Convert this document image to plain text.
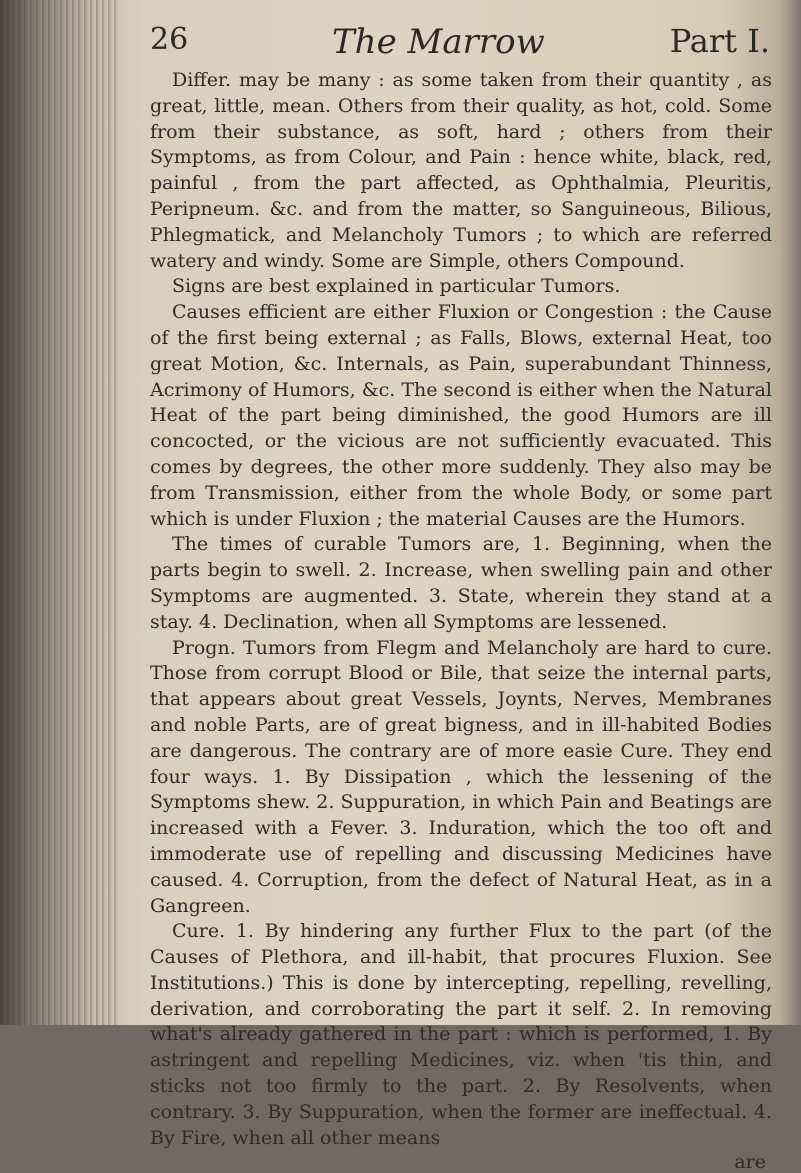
26	The Marrow	Part I.

Differ. may be many : as some taken from their quantity , as great, little, mean. Others from their quality, as hot, cold. Some from their substance, as soft, hard ; others from their Symptoms, as from Colour, and Pain : hence white, black, red, painful , from the part affected, as Ophthalmia, Pleuritis, Peripneum. &c. and from the matter, so Sanguineous, Bilious, Phlegmatick, and Melancholy Tumors ; to which are referred watery and windy. Some are Simple, others Compound.

Signs are best explained in particular Tumors.

Causes efficient are either Fluxion or Congestion : the Cause of the first being external ; as Falls, Blows, external Heat, too great Motion, &c. Internals, as Pain, superabundant Thinness, Acrimony of Humors, &c. The second is either when the Natural Heat of the part being diminished, the good Humors are ill concocted, or the vicious are not sufficiently evacuated. This comes by degrees, the other more suddenly. They also may be from Transmission, either from the whole Body, or some part which is under Fluxion ; the material Causes are the Humors.

The times of curable Tumors are, 1. Beginning, when the parts begin to swell. 2. Increase, when swelling pain and other Symptoms are augmented. 3. State, wherein they stand at a stay. 4. Declination, when all Symptoms are lessened.

Progn. Tumors from Flegm and Melancholy are hard to cure. Those from corrupt Blood or Bile, that seize the internal parts, that appears about great Vessels, Joynts, Nerves, Membranes and noble Parts, are of great bigness, and in ill-habited Bodies are dangerous. The contrary are of more easie Cure. They end four ways. 1. By Dissipation , which the lessening of the Symptoms shew. 2. Suppuration, in which Pain and Beatings are increased with a Fever. 3. Induration, which the too oft and immoderate use of repelling and discussing Medicines have caused. 4. Corruption, from the defect of Natural Heat, as in a Gangreen.

Cure. 1. By hindering any further Flux to the part (of the Causes of Plethora, and ill-habit, that procures Fluxion. See Institutions.) This is done by intercepting, repelling, revelling, derivation, and corroborating the part it self. 2. In removing what's already gathered in the part : which is performed, 1. By astringent and repelling Medicines, viz. when 'tis thin, and sticks not too firmly to the part. 2. By Resolvents, when contrary. 3. By Suppuration, when the former are ineffectual. 4. By Fire, when all other means

are
